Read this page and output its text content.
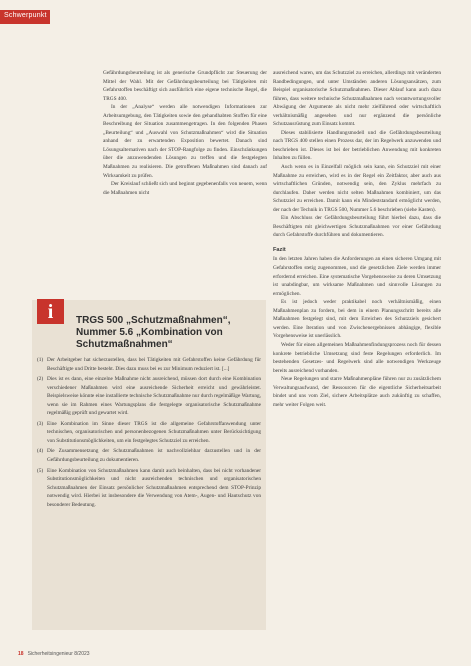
Schwerpunkt

Gefährdungsbeurteilung ist als generische Grundpflicht zur Steuerung der Mittel der Wahl. Mit der Gefährdungsbeurteilung bei Tätigkeiten mit Gefahrstoffen beschäftigt sich ausführlich eine eigene technische Regel, die TRGS 400.

In der „Analyse“ werden alle notwendigen Informationen zur Arbeitsumgebung, den Tätigkeiten sowie den gehandhabten Stoffen für eine Beschreibung der Situation zusammengetragen. In den folgenden Phasen „Beurteilung“ und „Auswahl von Schutzmaßnahmen“ wird die Situation anhand der zu erwartenden Exposition bewertet. Danach sind Lösungsalternativen nach der STOP-Rangfolge zu finden. Einschränkungen über die anzuwendenden Lösungen zu treffen und die festgelegten Maßnahmen zu realisieren. Die getroffenen Maßnahmen sind danach auf Wirksamkeit zu prüfen.

Der Kreislauf schließt sich und beginnt gegebenenfalls von neuem, wenn die Maßnahmen nicht

i	TRGS 500 „Schutzmaßnahmen“, Nummer 5.6 „Kombination von Schutzmaßnahmen“
(1) Der Arbeitgeber hat sicherzustellen, dass bei Tätigkeiten mit Gefahrstoffen keine Gefährdung für Beschäftigte und Dritte besteht. Dies dazu muss bei es zur Minimum reduziert ist. [...]
(2) Dies ist es dann, eine einzelne Maßnahme nicht ausreichend, müssen dort durch eine Kombination verschiedener Maßnahmen wird eine ausreichende Sicherheit erreicht und gewährleistet. Beispielsweise könnte eine installierte technische Schutzmaßnahme nur durch regelmäßige Wartung, wenn sie im Rahmen eines Wartungsplans die festgelegte organisatorische Schutzmaßnahme regelmäßig geprüft und gewartet wird.
(3) Eine Kombination im Sinne dieser TRGS ist die allgemeine Gefahrstoffanwendung unter technischen, organisatorischen und personenbezogenen Schutzmaßnahmen unter Berücksichtigung von Substitutionsmöglichkeiten, um ein festgelegtes Schutzziel zu erreichen.
(4) Die Zusammensetzung der Schutzmaßnahmen ist nachvollziehbar darzustellen und in der Gefährdungsbeurteilung zu dokumentieren.
(5) Eine Kombination von Schutzmaßnahmen kann damit auch beinhalten, dass bei nicht vorhandener Substitutionsmöglichkeiten und nicht ausreichenden technischen und organisatorischen Schutzmaßnahmen der Einsatz persönlicher Schutzmaßnahmen entsprechend dem STOP-Prinzip notwendig wird. Hierbei ist insbesondere die Verwendung von Atem-, Augen- und Hautschutz von besonderer Bedeutung.

ausreichend waren, um das Schutzziel zu erreichen, allerdings mit veränderten Randbedingungen, und unter Umständen anderen Lösungsansätzen, zum Beispiel organisatorische Schutzmaßnahmen. Dieser Ablauf kann auch dazu führen, dass weitere technische Schutzmaßnahmen nach verantwortungsvoller Abwägung der Argumente als nicht mehr zielführend oder wirtschaftlich verhältnismäßig angesehen und nur ergänzend die persönliche Schutzausrüstung zum Einsatz kommt.

Dieses stabilisierte Handlungsmodell und die Gefährdungsbeurteilung nach TRGS 400 stellen einen Prozess dar, der im Regelwerk anzuwenden und beschrieben ist. Dieses ist bei der betrieblichen Anwendung mit konkreten Inhalten zu füllen.

Auch wenn es in Einzelfall möglich sein kann, ein Schutzziel mit einer Maßnahme zu erreichen, wird es in der Regel ein Zeitfaktor, aber auch aus wirtschaftlichen Gründen, notwendig sein, den Zyklus mehrfach zu durchlaufen. Daher werden nicht selten Maßnahmen kombiniert, um das Schutzziel zu erreichen. Damit kann ein Mindeststandard ermöglicht werden, der nach der Technik in TRGS 500, Nummer 5.6 beschrieben (siehe Kasten).

Ein Abschluss der Gefährdungsbeurteilung führt hierbei dazu, dass die Beschäftigten mit gleichwertigen Schutzmaßnahmen vor einer Gefährdung durch Gefahrstoffe durchführen und dokumentieren.

Fazit

In den letzten Jahren haben die Anforderungen an einen sicheren Umgang mit Gefahrstoffen stetig zugenommen, und die gesetzlichen Ziele werden immer erfordernd erreichen. Eine systematische Vorgehensweise zu deren Umsetzung ist unabdingbar, um wirksame Maßnahmen und sinnvolle Lösungen zu ermöglichen.

Es ist jedoch weder praktikabel noch verhältnismäßig, einen Maßnahmenplan zu fordern, bei dem in einem Planungsschritt bereits alle Maßnahmen festgelegt sind, mit dem Erreichen des Schutzziels gesichert werden. Eine Iteration und von Zwischenergebnissen abhängige, flexible Vorgehensweise ist unerlässlich.

Weder für einen allgemeinen Maßnahmenfindungsprozess noch für dessen konkrete betriebliche Umsetzung sind feste Regelungen erforderlich. Im bestehenden Gesetzes- und Regelwerk sind alle notwendigen Werkzeuge bereits ausreichend vorhanden.

Neue Regelungen und starre Maßnahmenpläne führen nur zu zusätzlichem Verwaltungsaufwand, der Ressourcen für die eigentliche Sicherheitsarbeit bindet und uns vom Ziel, sichere Arbeitsplätze auch zukünftig zu schaffen, mehr weiter Folgen weit.

18 Sicherheitsingenieur 8/2023
